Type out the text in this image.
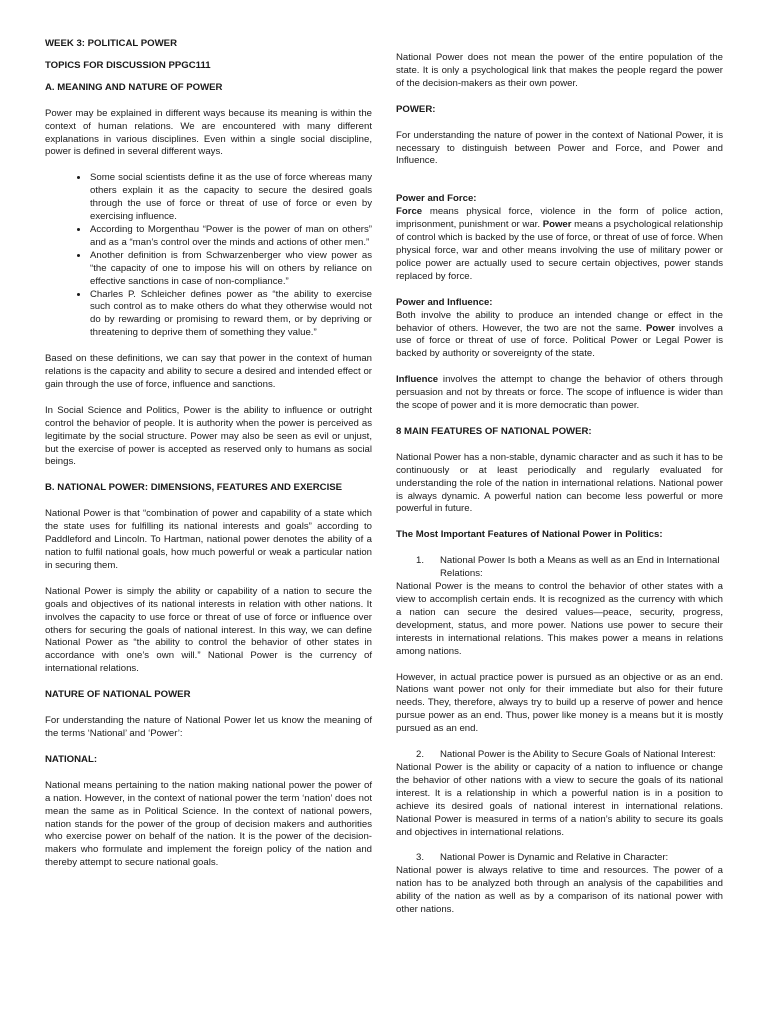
WEEK 3: POLITICAL POWER

TOPICS FOR DISCUSSION PPGC111

A. MEANING AND NATURE OF POWER

Power may be explained in different ways because its meaning is within the context of human relations. We are encountered with many different explanations in various disciplines. Even within a single social discipline, power is defined in several different ways.

• Some social scientists define it as the use of force whereas many others explain it as the capacity to secure the desired goals through the use of force or threat of use of force or even by exercising influence.
• According to Morgenthau “Power is the power of man on others” and as a “man’s control over the minds and actions of other men.”
• Another definition is from Schwarzenberger who view power as “the capacity of one to impose his will on others by reliance on effective sanctions in case of non-compliance.”
• Charles P. Schleicher defines power as “the ability to exercise such control as to make others do what they otherwise would not do by rewarding or promising to reward them, or by depriving or threatening to deprive them of something they value.”

Based on these definitions, we can say that power in the context of human relations is the capacity and ability to secure a desired and intended effect or gain through the use of force, influence and sanctions.

In Social Science and Politics, Power is the ability to influence or outright control the behavior of people. It is authority when the power is perceived as legitimate by the social structure. Power may also be seen as evil or unjust, but the exercise of power is accepted as reserved only to humans as social beings.

B. NATIONAL POWER: DIMENSIONS, FEATURES AND EXERCISE

National Power is that “combination of power and capability of a state which the state uses for fulfilling its national interests and goals” according to Paddleford and Lincoln. To Hartman, national power denotes the ability of a nation to fulfil national goals, how much powerful or weak a particular nation in securing them.

National Power is simply the ability or capability of a nation to secure the goals and objectives of its national interests in relation with other nations. It involves the capacity to use force or threat of use of force or influence over others for securing the goals of national interest. In this way, we can define National Power as “the ability to control the behavior of other states in accordance with one’s own will.” National Power is the currency of international relations.

NATURE OF NATIONAL POWER

For understanding the nature of National Power let us know the meaning of the terms ‘National’ and ‘Power’:

NATIONAL:

National means pertaining to the nation making national power the power of a nation. However, in the context of national power the term ‘nation’ does not mean the same as in Political Science. In the context of national powers, nation stands for the power of the group of decision makers and authorities who exercise power on behalf of the nation. It is the power of the decision-makers who formulate and implement the foreign policy of the nation and thereby attempt to secure national goals.

National Power does not mean the power of the entire population of the state. It is only a psychological link that makes the people regard the power of the decision-makers as their own power.

POWER:

For understanding the nature of power in the context of National Power, it is necessary to distinguish between Power and Force, and Power and Influence.

Power and Force:

Force means physical force, violence in the form of police action, imprisonment, punishment or war. Power means a psychological relationship of control which is backed by the use of force, or threat of use of force. When physical force, war and other means involving the use of military power or police power are actually used to secure certain objectives, power stands replaced by force.

Power and Influence:

Both involve the ability to produce an intended change or effect in the behavior of others. However, the two are not the same. Power involves a use of force or threat of use of force. Political Power or Legal Power is backed by authority or sovereignty of the state.

Influence involves the attempt to change the behavior of others through persuasion and not by threats or force. The scope of influence is wider than the scope of power and it is more democratic than power.

8 MAIN FEATURES OF NATIONAL POWER:

National Power has a non-stable, dynamic character and as such it has to be continuously or at least periodically and regularly evaluated for understanding the role of the nation in international relations. National power is always dynamic. A powerful nation can become less powerful or more powerful in future.

The Most Important Features of National Power in Politics:

1.	National Power Is both a Means as well as an End in International Relations:

National Power is the means to control the behavior of other states with a view to accomplish certain ends. It is recognized as the currency with which a nation can secure the desired values—peace, security, progress, development, status, and more power. Nations use power to secure their interests in international relations. This makes power a means in relations among nations.

However, in actual practice power is pursued as an objective or as an end. Nations want power not only for their immediate but also for their future needs. They, therefore, always try to build up a reserve of power and hence pursue power as an end. Thus, power like money is a means but it is mostly pursued as an end.

2.	National Power is the Ability to Secure Goals of National Interest:

National Power is the ability or capacity of a nation to influence or change the behavior of other nations with a view to secure the goals of its national interest. It is a relationship in which a powerful nation is in a position to achieve its desired goals of national interest in international relations. National Power is measured in terms of a nation’s ability to secure its goals and objectives in international relations.

3.	National Power is Dynamic and Relative in Character:

National power is always relative to time and resources. The power of a nation has to be analyzed both through an analysis of the capabilities and ability of the nation as well as by a comparison of its national power with other nations.
